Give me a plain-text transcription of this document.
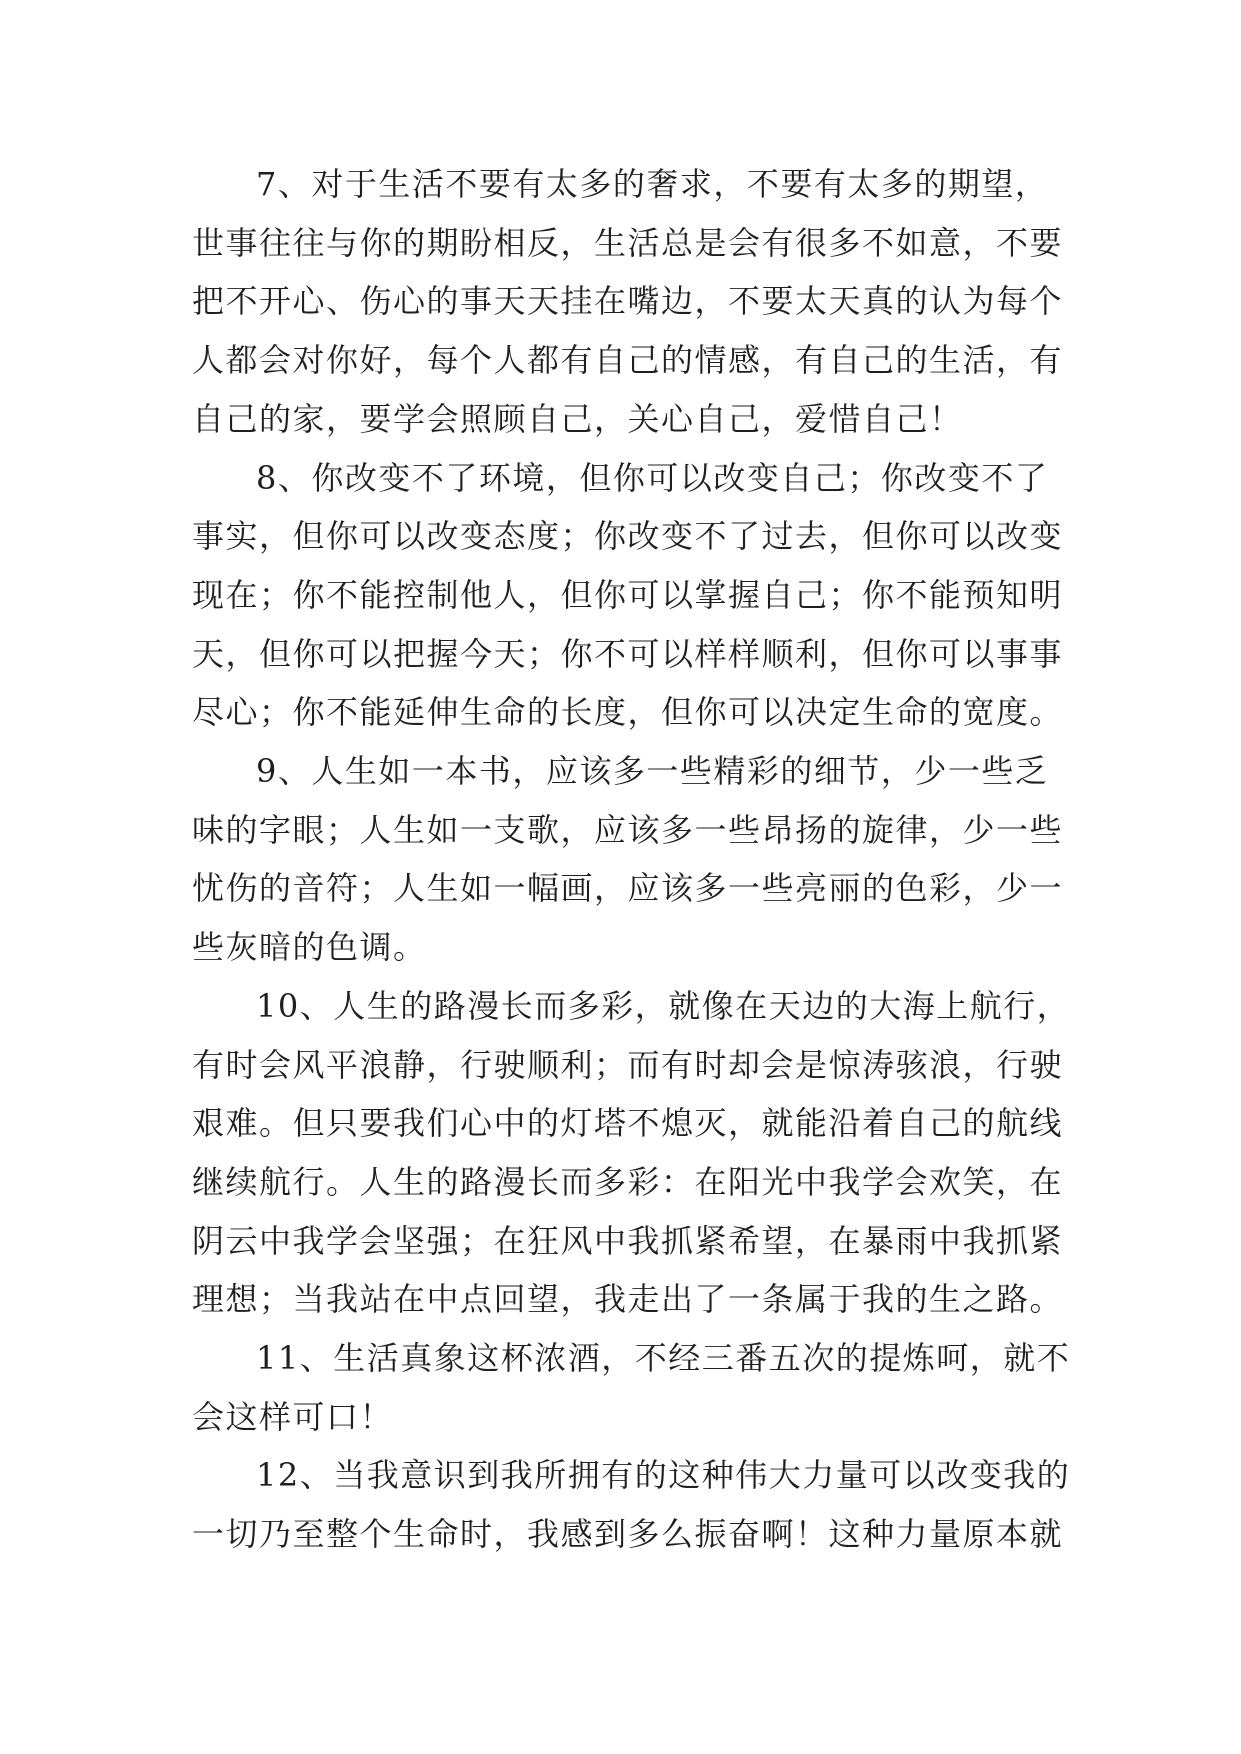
7、对于生活不要有太多的奢求，不要有太多的期望，
世事往往与你的期盼相反，生活总是会有很多不如意，不要
把不开心、伤心的事天天挂在嘴边，不要太天真的认为每个
人都会对你好，每个人都有自己的情感，有自己的生活，有
自己的家，要学会照顾自己，关心自己，爱惜自己！

8、你改变不了环境，但你可以改变自己；你改变不了
事实，但你可以改变态度；你改变不了过去，但你可以改变
现在；你不能控制他人，但你可以掌握自己；你不能预知明
天，但你可以把握今天；你不可以样样顺利，但你可以事事
尽心；你不能延伸生命的长度，但你可以决定生命的宽度。

9、人生如一本书，应该多一些精彩的细节，少一些乏
味的字眼；人生如一支歌，应该多一些昂扬的旋律，少一些
忧伤的音符；人生如一幅画，应该多一些亮丽的色彩，少一
些灰暗的色调。

10、人生的路漫长而多彩，就像在天边的大海上航行，
有时会风平浪静，行驶顺利；而有时却会是惊涛骇浪，行驶
艰难。但只要我们心中的灯塔不熄灭，就能沿着自己的航线
继续航行。人生的路漫长而多彩：在阳光中我学会欢笑，在
阴云中我学会坚强；在狂风中我抓紧希望，在暴雨中我抓紧
理想；当我站在中点回望，我走出了一条属于我的生之路。

11、生活真象这杯浓酒，不经三番五次的提炼呵，就不
会这样可口！

12、当我意识到我所拥有的这种伟大力量可以改变我的
一切乃至整个生命时，我感到多么振奋啊！这种力量原本就
